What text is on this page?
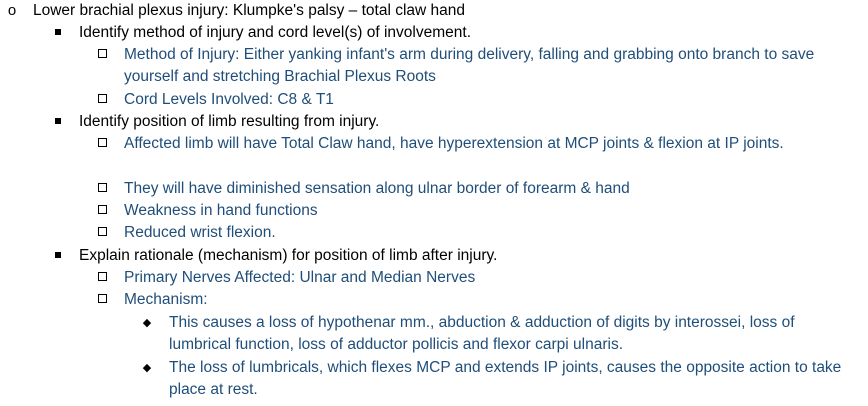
o Lower brachial plexus injury: Klumpke's palsy – total claw hand
Identify method of injury and cord level(s) of involvement.
Method of Injury: Either yanking infant's arm during delivery, falling and grabbing onto branch to save yourself and stretching Brachial Plexus Roots
Cord Levels Involved: C8 & T1
Identify position of limb resulting from injury.
Affected limb will have Total Claw hand, have hyperextension at MCP joints & flexion at IP joints.
They will have diminished sensation along ulnar border of forearm & hand
Weakness in hand functions
Reduced wrist flexion.
Explain rationale (mechanism) for position of limb after injury.
Primary Nerves Affected: Ulnar and Median Nerves
Mechanism:
◆ This causes a loss of hypothenar mm., abduction & adduction of digits by interossei, loss of lumbrical function, loss of adductor pollicis and flexor carpi ulnaris.
◆ The loss of lumbricals, which flexes MCP and extends IP joints, causes the opposite action to take place at rest.
